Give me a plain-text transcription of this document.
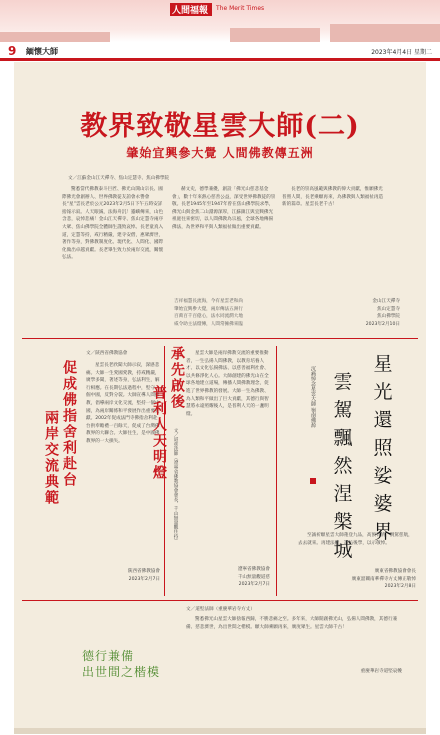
人間福報 The Merit Times
9 緬懷大師	2023年4月4日 星期二
教界致敬星雲大師(二)
肇始宜興參大覺 人間佛教傳五洲
文／江蘇金山江天禪寺、焦山定慧寺、焦山佛學院

驚悉當代佛教泰斗巨匠、佛光山開山宗長、國際佛光會創辦人、世界佛教徒友誼會永譽會長“星”雲長老於公元2023年2月5日下午五時安詳捨報示寂。人天眼滅，法海舟沉！靈嶼傳來，山色含悲，哀悼悲痛！金山江天禪寺、焦山定慧寺兩序大眾、焦山佛學院全體師生謹致哀悼。長老童真入道，定慧等持，戒行精嚴，建寺安僧，惠眾濟世，著作等身，對佛教制度化、現代化、人間化、國際化做出卓越貢獻。長老畢生致力於兩岸交流，關懷弘法。

赫文史，德學兼優，創設「佛光山慈悲基金會」，數十年來熱心慈善公益，深受世界佛教徒的崇敬。長老1945年至1947年曾在焦山佛學院求學，佛光山與金焦二山淵源深厚，江蘇鎮江與宜興佛光祖庭往來密切，以人間佛教為宗風，全球各地傳揚佛法，為世界和平與人類福祉做出重要貢獻。

長老的崇高風範與佛教的偉大貢獻，惟願佛光普照人間，長老乘願再來，為佛教與人類福祉再造新的篇章。星雲長老千古！

吉祥福慧長流海，今有星雲老和尚
肇始宜興參大覺，兩岸傳法五洲行
百萬百千百億心，法水同流潤大地
威令助主法燈傳，人間常擁佛來臨
金山江天禪寺
焦山定慧寺
焦山佛學院
2023年2月10日
促成佛指舍利赴台
兩岸交流典範
文／陝西省佛教協會

星雲長老欣聞大師示寂，深感悲痛。大師一生愛國愛教，持戒精嚴，廣學多聞，著述等身，弘法利生，解行相應。在長期弘法過程中，堅守一個中國，反對分裂。大師宣導人間佛教，倡導兩岸文化交流，堅持一個中國，為兩岸關係和平發展作出重要貢獻。2002年促成法門寺佛指舍利赴台供奉瞻禮一百餘天，促成了台灣佛教界的大聯合。大師往生，是中國佛教界的一大損失。

陝西省佛教協會
2023年2月7日
承先啟後
普利人天明燈 文／道慈法師（遼寧省佛教協會會長、千山無量觀住持）

星雲大師是兩岸佛教交流的重要推動者，一生弘揚人間佛教，以教育培養人才、以文化弘揚佛法、以慈善福利社會、以共修淨化人心。大師創建的佛光山在全球各地建立道場，傳播人間佛教理念，促進了世界佛教的發展。大師一生為佛教、為人類和平做出了巨大貢獻，其德行與智慧將永遠照耀後人，是普利人天的一盞明燈。

遼寧省佛教協會
千山無量觀道慈
2023年2月7日
星
光
還
照
娑
婆
界
雲
駕
飄
然
涅
槃
城
沉痛悼念星雲大師 嶺南佛源

至誠祈願星雲大師蓮登九品，高預有情，倒駕慈航，去去就來。再建法幢，護佑後學，以示敬悼。

廣東省佛教協會會長
廣東韶關南華禪寺方丈傳正敬悼
2023年2月8日
德行兼備
出世間之楷模
文／道堅法師（重慶華岩寺方丈）

驚悉佛光山星雲大師捨報西歸，不勝悲痛之至。多年來，大師開創佛光山，弘揚人間佛教，其德行兼備、慈悲濟世，為出世間之楷模。願大師乘願再來，廣度眾生。星雲大師千古！

重慶華岩寺道堅哀輓
